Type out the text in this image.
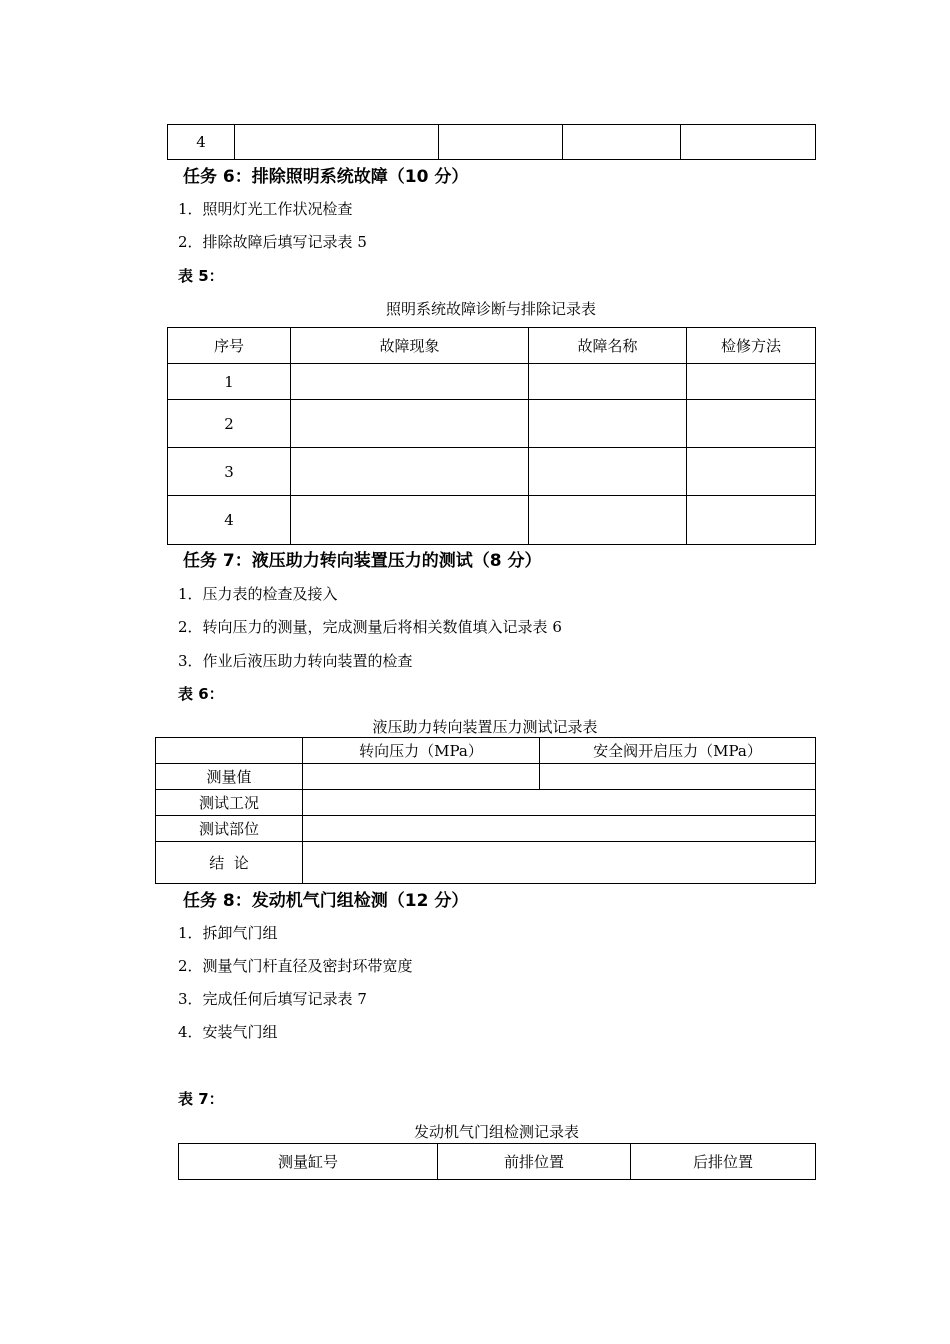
4				
任务 6：排除照明系统故障（10 分）
1．照明灯光工作状况检查
2．排除故障后填写记录表 5
表 5：
照明系统故障诊断与排除记录表
序号	故障现象	故障名称	检修方法
1			
2			
3			
4			
任务 7：液压助力转向装置压力的测试（8 分）
1．压力表的检查及接入
2．转向压力的测量，完成测量后将相关数值填入记录表 6
3．作业后液压助力转向装置的检查
表 6：
液压助力转向装置压力测试记录表
	转向压力（MPa）	安全阀开启压力（MPa）
测量值		
测试工况		
测试部位		
结  论		
任务 8：发动机气门组检测（12 分）
1．拆卸气门组
2．测量气门杆直径及密封环带宽度
3．完成任何后填写记录表 7
4．安装气门组
表 7：
发动机气门组检测记录表
测量缸号	前排位置	后排位置
